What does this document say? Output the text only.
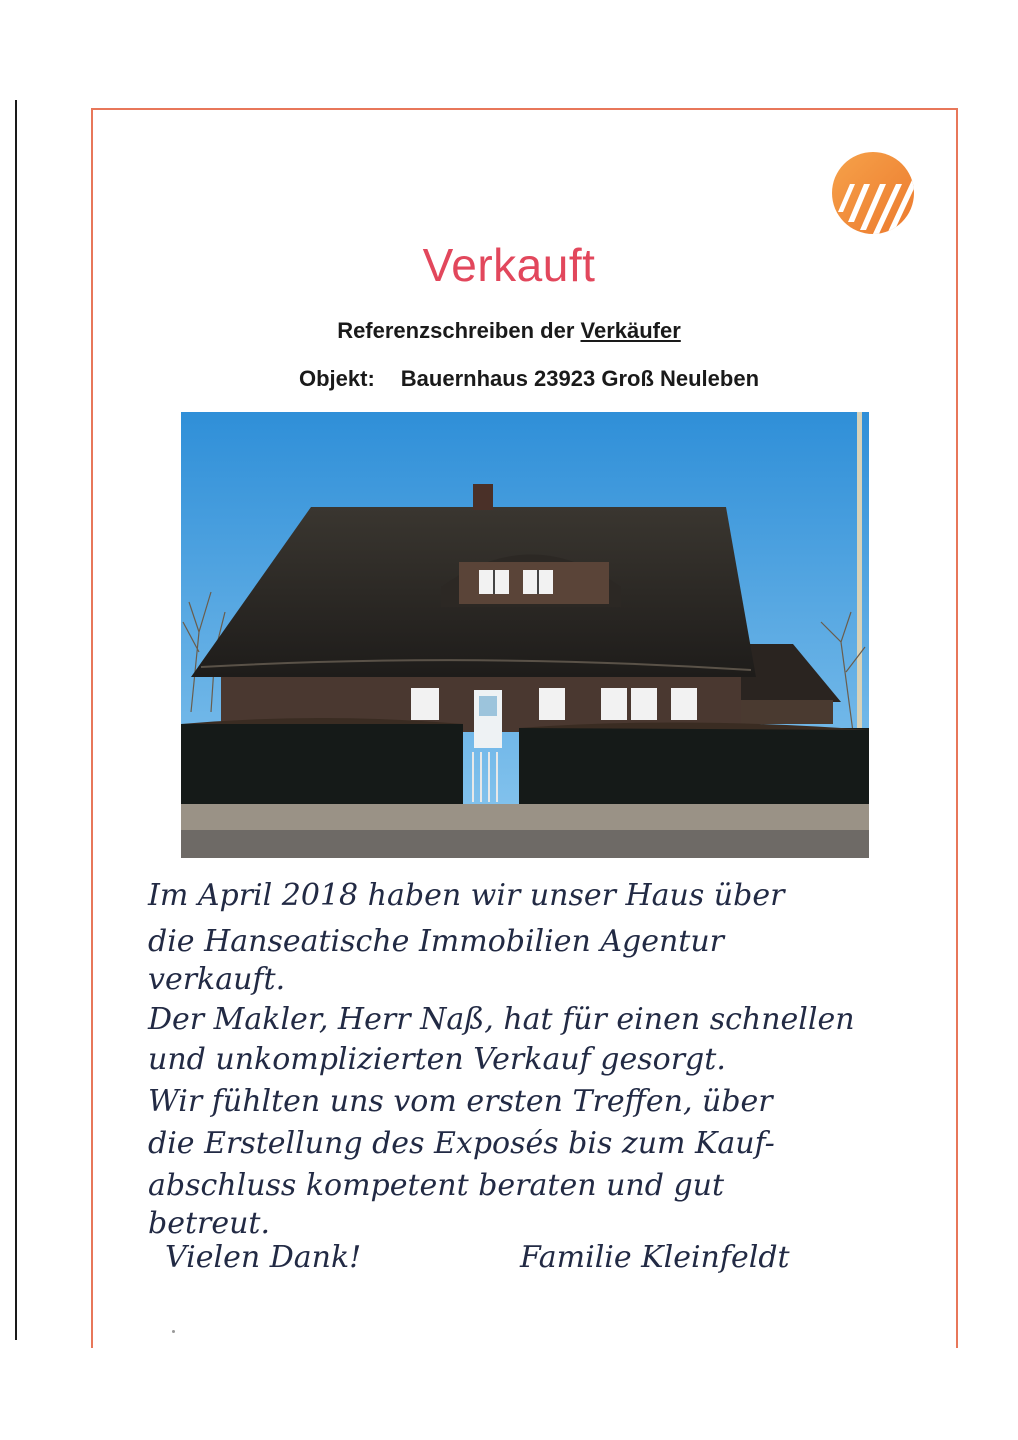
Verkauft
Referenzschreiben der Verkäufer
Objekt: Bauernhaus 23923 Groß Neuleben
Im April 2018 haben wir unser Haus über
die Hanseatische Immobilien Agentur
verkauft.
Der Makler, Herr Naß, hat für einen schnellen
und unkomplizierten Verkauf gesorgt.
Wir fühlten uns vom ersten Treffen, über
die Erstellung des Exposés bis zum Kauf-
abschluss kompetent beraten und gut
betreut.
Vielen Dank!	Familie Kleinfeldt
